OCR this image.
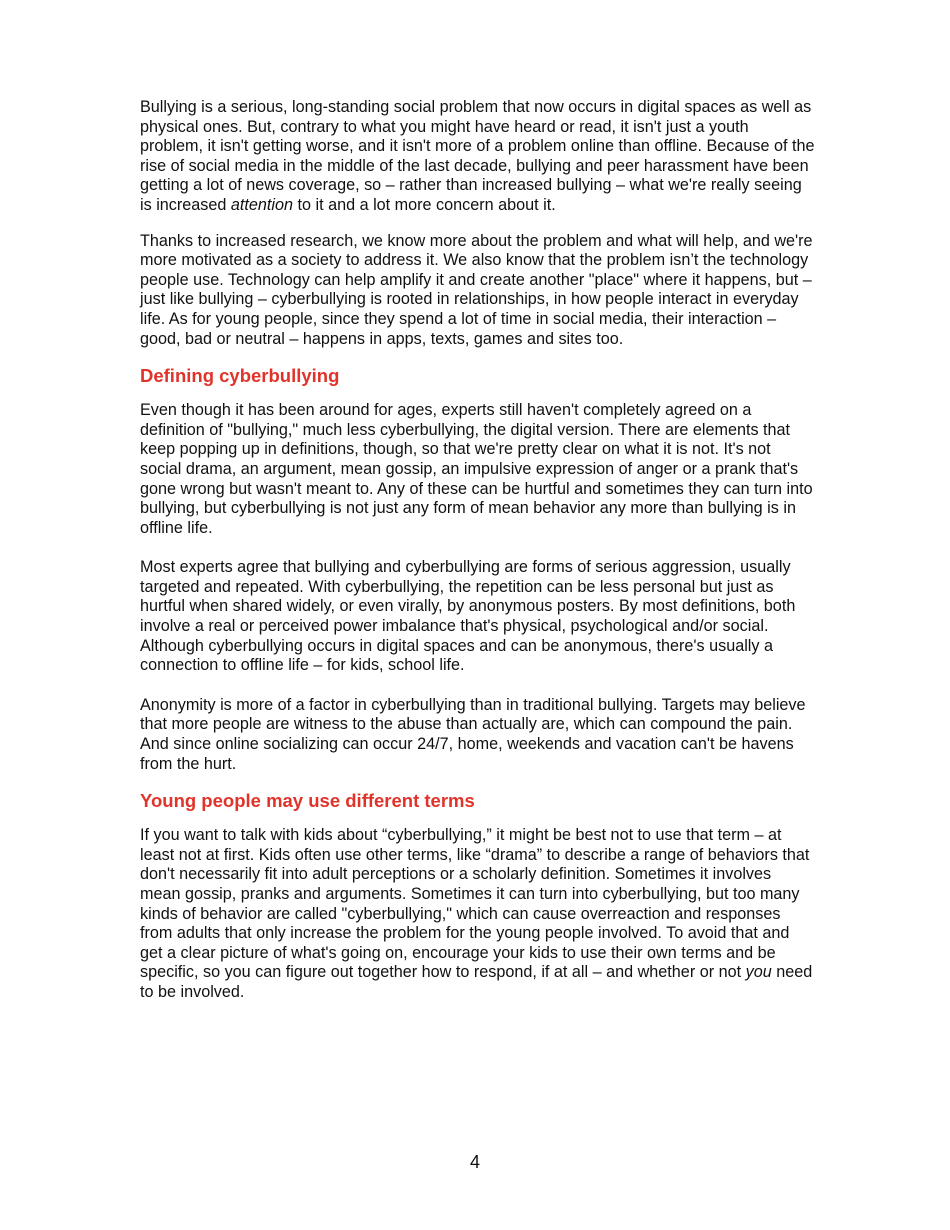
Bullying is a serious, long-standing social problem that now occurs in digital spaces as well as physical ones. But, contrary to what you might have heard or read, it isn't just a youth problem, it isn't getting worse, and it isn't more of a problem online than offline. Because of the rise of social media in the middle of the last decade, bullying and peer harassment have been getting a lot of news coverage, so – rather than increased bullying – what we're really seeing is increased attention to it and a lot more concern about it.

Thanks to increased research, we know more about the problem and what will help, and we're more motivated as a society to address it. We also know that the problem isn’t the technology people use. Technology can help amplify it and create another "place" where it happens, but – just like bullying – cyberbullying is rooted in relationships, in how people interact in everyday life. As for young people, since they spend a lot of time in social media, their interaction – good, bad or neutral – happens in apps, texts, games and sites too.

Defining cyberbullying

Even though it has been around for ages, experts still haven't completely agreed on a definition of "bullying," much less cyberbullying, the digital version. There are elements that keep popping up in definitions, though, so that we're pretty clear on what it is not. It's not social drama, an argument, mean gossip, an impulsive expression of anger or a prank that's gone wrong but wasn't meant to. Any of these can be hurtful and sometimes they can turn into bullying, but cyberbullying is not just any form of mean behavior any more than bullying is in offline life.

Most experts agree that bullying and cyberbullying are forms of serious aggression, usually targeted and repeated. With cyberbullying, the repetition can be less personal but just as hurtful when shared widely, or even virally, by anonymous posters. By most definitions, both involve a real or perceived power imbalance that's physical, psychological and/or social. Although cyberbullying occurs in digital spaces and can be anonymous, there's usually a connection to offline life – for kids, school life.

Anonymity is more of a factor in cyberbullying than in traditional bullying. Targets may believe that more people are witness to the abuse than actually are, which can compound the pain. And since online socializing can occur 24/7, home, weekends and vacation can't be havens from the hurt.

Young people may use different terms

If you want to talk with kids about “cyberbullying,” it might be best not to use that term – at least not at first. Kids often use other terms, like “drama” to describe a range of behaviors that don't necessarily fit into adult perceptions or a scholarly definition. Sometimes it involves mean gossip, pranks and arguments. Sometimes it can turn into cyberbullying, but too many kinds of behavior are called "cyberbullying," which can cause overreaction and responses from adults that only increase the problem for the young people involved. To avoid that and get a clear picture of what's going on, encourage your kids to use their own terms and be specific, so you can figure out together how to respond, if at all – and whether or not you need to be involved.

4
